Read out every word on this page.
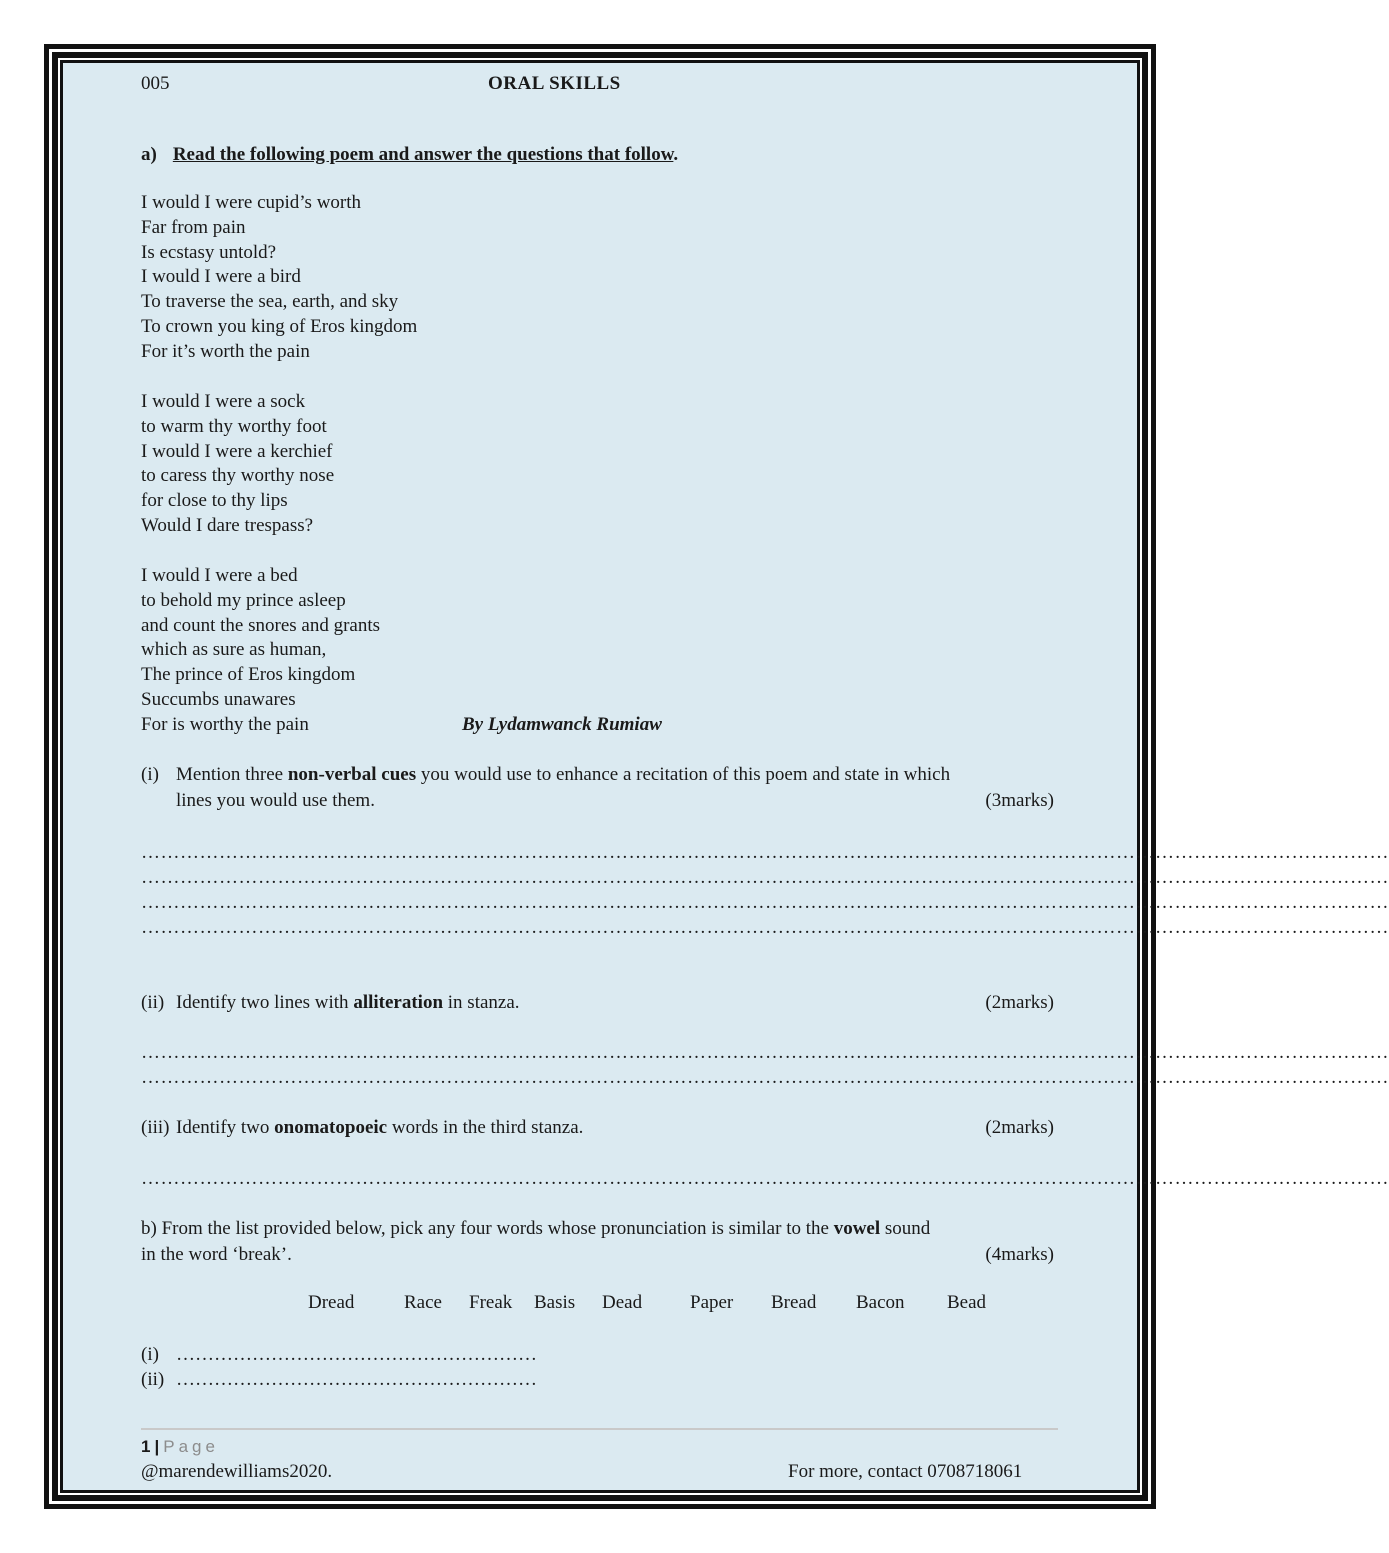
005	ORAL SKILLS
a) Read the following poem and answer the questions that follow.
I would I were cupid’s worth
Far from pain
Is ecstasy untold?
I would I were a bird
To traverse the sea, earth, and sky
To crown you king of Eros kingdom
For it’s worth the pain
I would I were a sock
to warm thy worthy foot
I would I were a kerchief
to caress thy worthy nose
for close to thy lips
Would I dare trespass?
I would I were a bed
to behold my prince asleep
and count the snores and grants
which as sure as human,
The prince of Eros kingdom
Succumbs unawares
For is worthy the pain	By Lydamwanck Rumiaw
(i) Mention three non-verbal cues you would use to enhance a recitation of this poem and state in which
lines you would use them.	(3marks)
…………………………………………………………………………………………………………………………………………………………………………
…………………………………………………………………………………………………………………………………………………………………………
…………………………………………………………………………………………………………………………………………………………………………
…………………………………………………………………………………………………………………………………………………………………………
(ii) Identify two lines with alliteration in stanza.	(2marks)
…………………………………………………………………………………………………………………………………………………………………………
…………………………………………………………………………………………………………………………………………………………………………
(iii) Identify two onomatopoeic words in the third stanza.	(2marks)
…………………………………………………………………………………………………………………………………………………………………………
b) From the list provided below, pick any four words whose pronunciation is similar to the vowel sound
in the word ‘break’.	(4marks)
Dread	Race Freak Basis Dead	Paper Bread Bacon Bead
(i) …………………………………………………
(ii) …………………………………………………
1 | Page
@marendewilliams2020.	For more, contact 0708718061
